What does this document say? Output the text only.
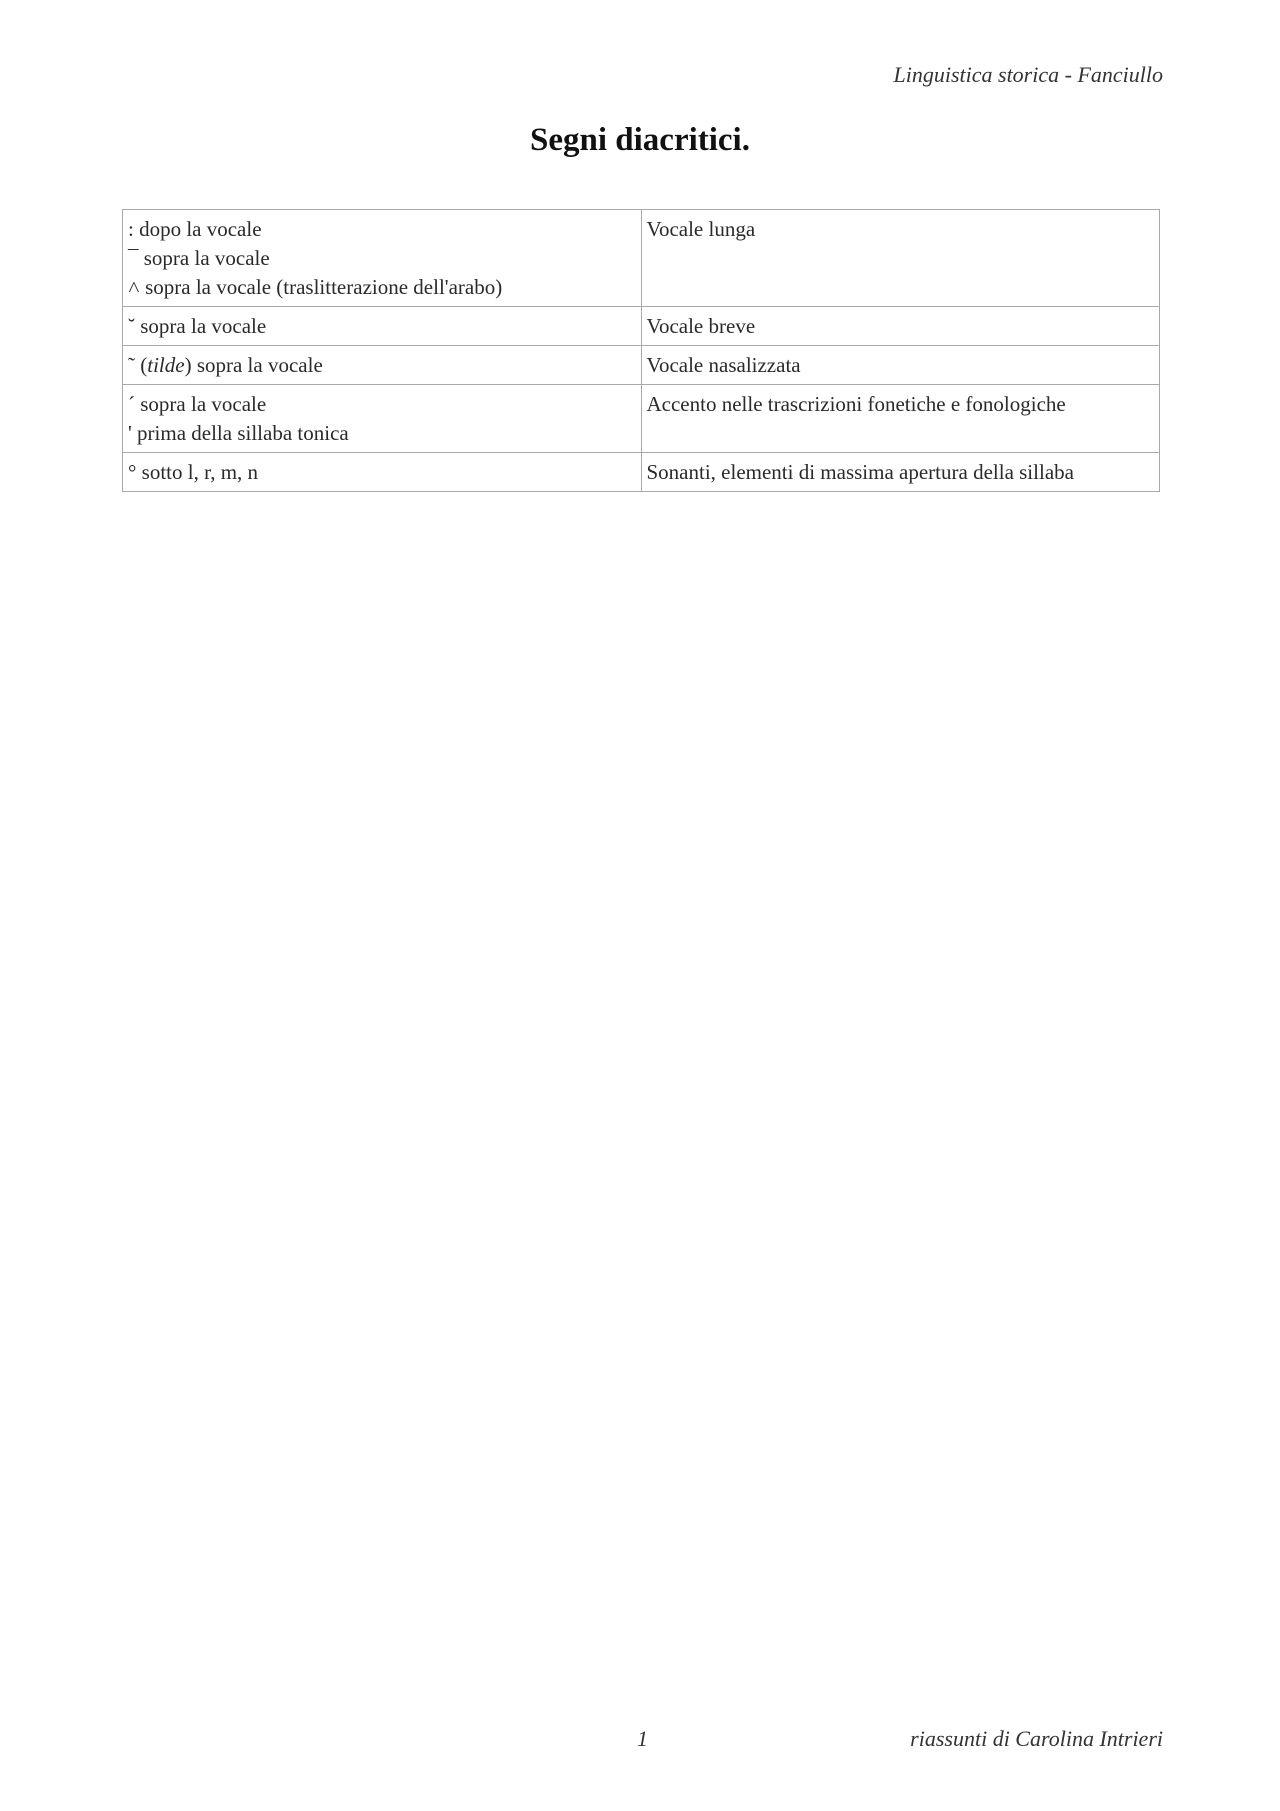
Linguistica storica - Fanciullo
Segni diacritici.
: dopo la vocale
¯ sopra la vocale
˄ sopra la vocale (traslitterazione dell'arabo)	Vocale lunga

˘ sopra la vocale	Vocale breve

˜ (tilde) sopra la vocale	Vocale nasalizzata

´ sopra la vocale
' prima della sillaba tonica	Accento nelle trascrizioni fonetiche e fonologiche

° sotto l, r, m, n	Sonanti, elementi di massima apertura della sillaba
1	riassunti di Carolina Intrieri
